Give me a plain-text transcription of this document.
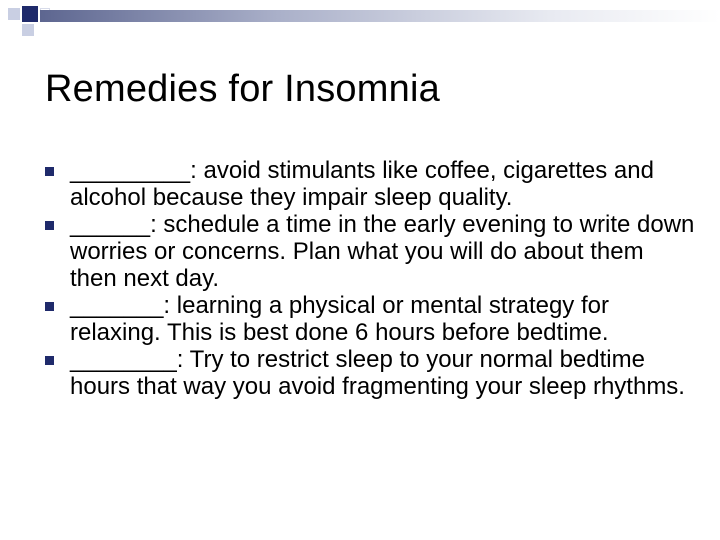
Remedies for Insomnia
_________: avoid stimulants like coffee, cigarettes and alcohol because they impair sleep quality.
______: schedule a time in the early evening to write down worries or concerns. Plan what you will do about them then next day.
_______: learning a physical or mental strategy for relaxing. This is best done 6 hours before bedtime.
________: Try to restrict sleep to your normal bedtime hours that way you avoid fragmenting your sleep rhythms.
